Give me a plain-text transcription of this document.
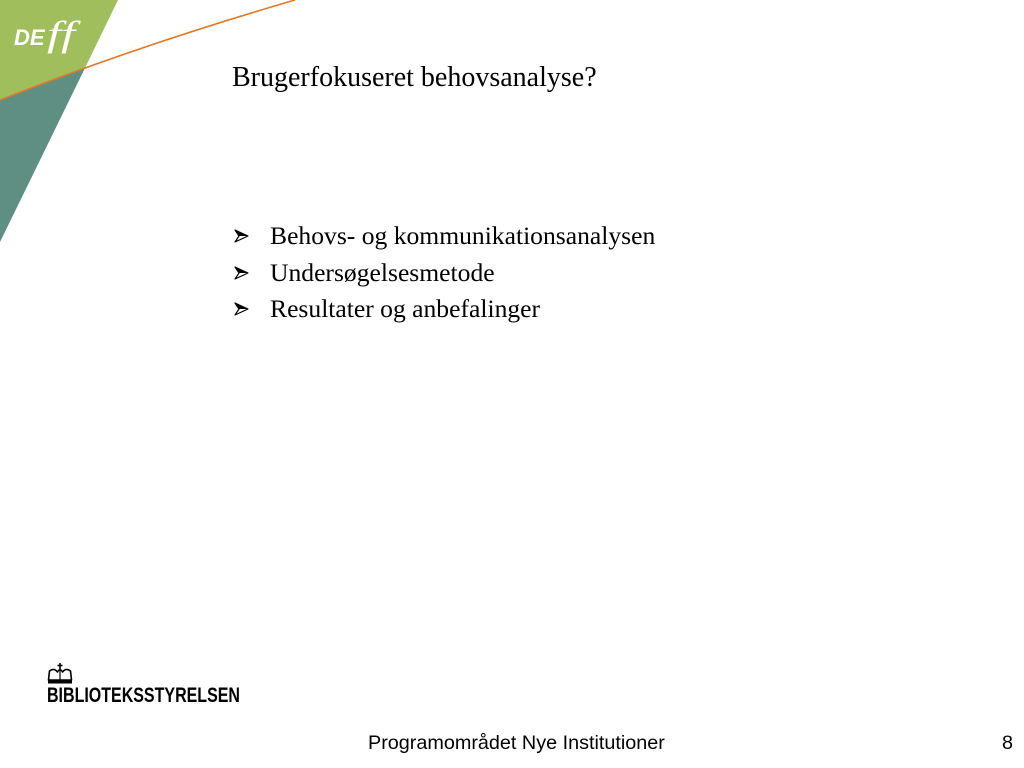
DE ff
Brugerfokuseret behovsanalyse?
Behovs- og kommunikationsanalysen
Undersøgelsesmetode
Resultater og anbefalinger
BIBLIOTEKSSTYRELSEN
Programområdet Nye Institutioner	8
